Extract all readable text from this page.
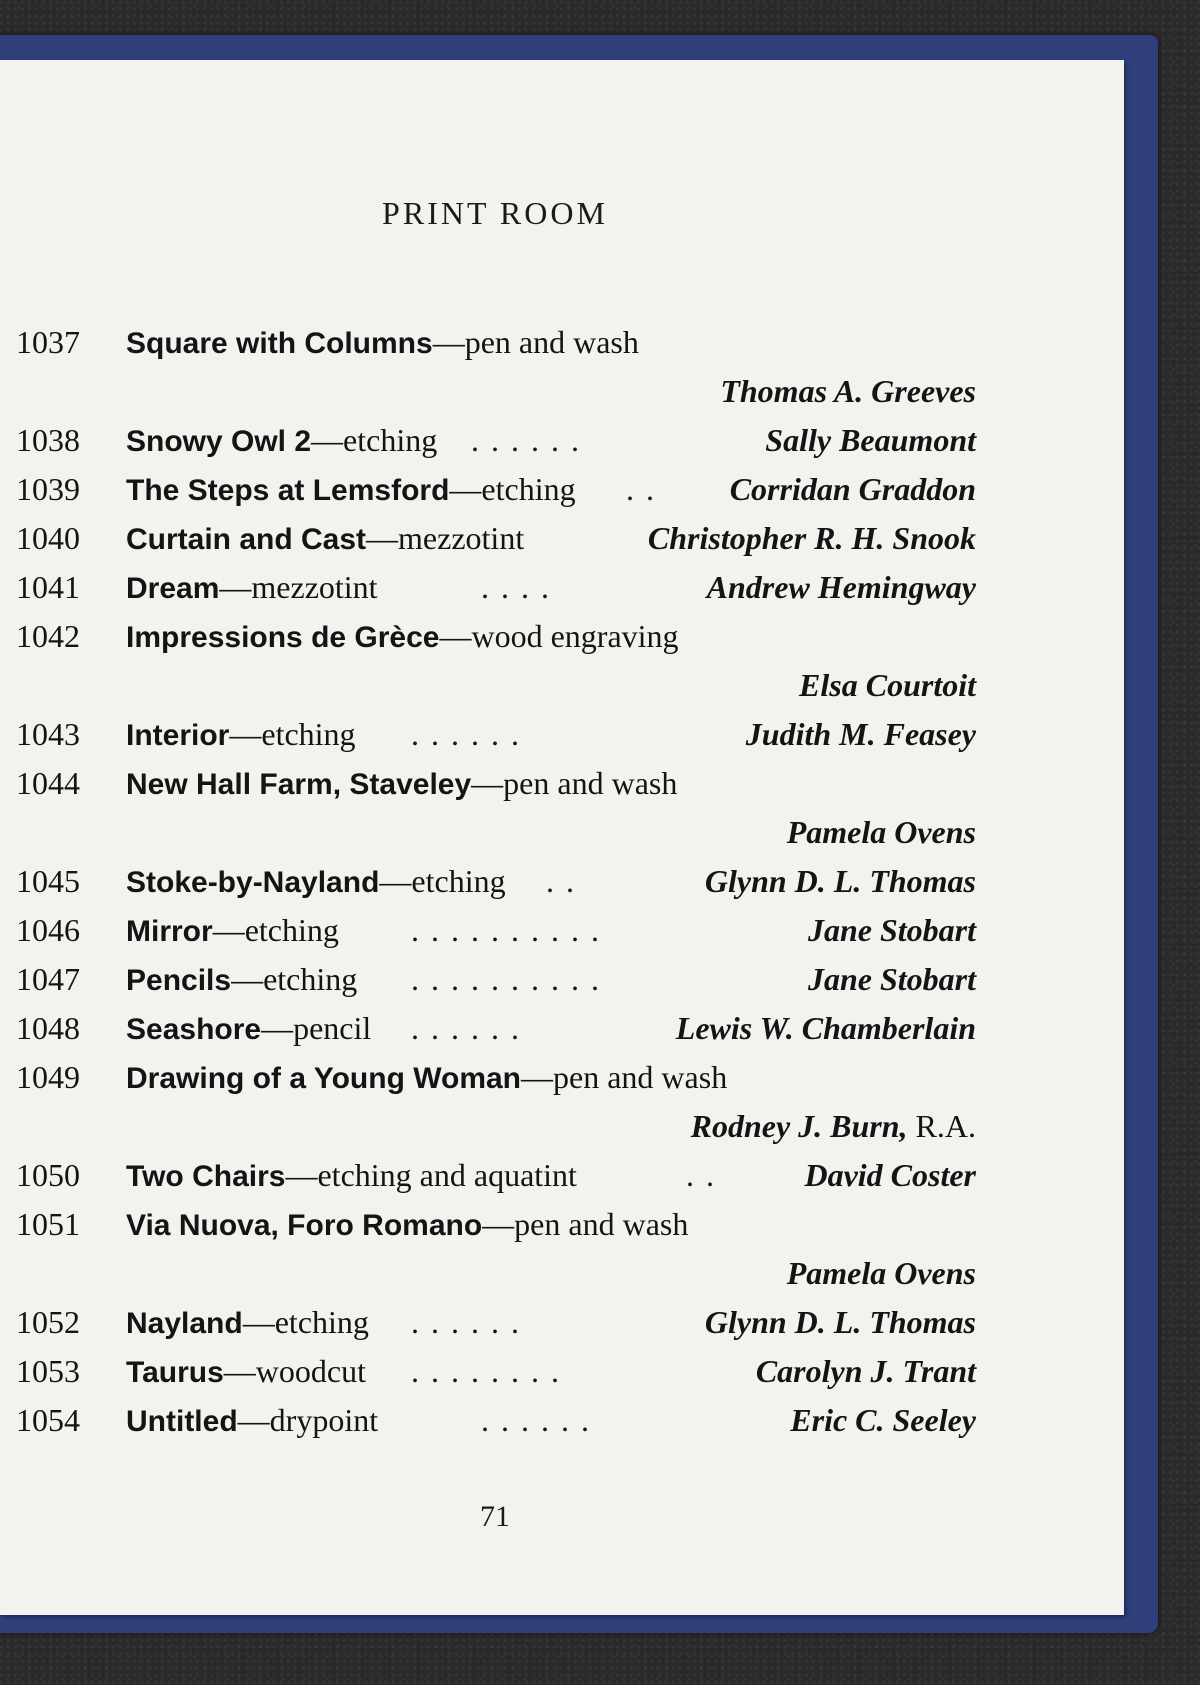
PRINT ROOM
1037 Square with Columns—pen and wash
Thomas A. Greeves
1038 Snowy Owl 2—etching . . . . . .	Sally Beaumont
1039 The Steps at Lemsford—etching . . Corridan Graddon
1040 Curtain and Cast—mezzotint	Christopher R. H. Snook
1041 Dream—mezzotint	. . . .	Andrew Hemingway
1042 Impressions de Grèce—wood engraving
Elsa Courtoit
1043 Interior—etching . . . . . .	Judith M. Feasey
1044 New Hall Farm, Staveley—pen and wash
Pamela Ovens
1045 Stoke-by-Nayland—etching . .	Glynn D. L. Thomas
1046 Mirror—etching . . . . . . . . . .	Jane Stobart
1047 Pencils—etching . . . . . . . . . .	Jane Stobart
1048 Seashore—pencil . . . . . .	Lewis W. Chamberlain
1049 Drawing of a Young Woman—pen and wash
Rodney J. Burn, R.A.
1050 Two Chairs—etching and aquatint	. .	David Coster
1051 Via Nuova, Foro Romano—pen and wash
Pamela Ovens
1052 Nayland—etching . . . . . .	Glynn D. L. Thomas
1053 Taurus—woodcut . . . . . . . .	Carolyn J. Trant
1054 Untitled—drypoint	. . . . . .	Eric C. Seeley
71
